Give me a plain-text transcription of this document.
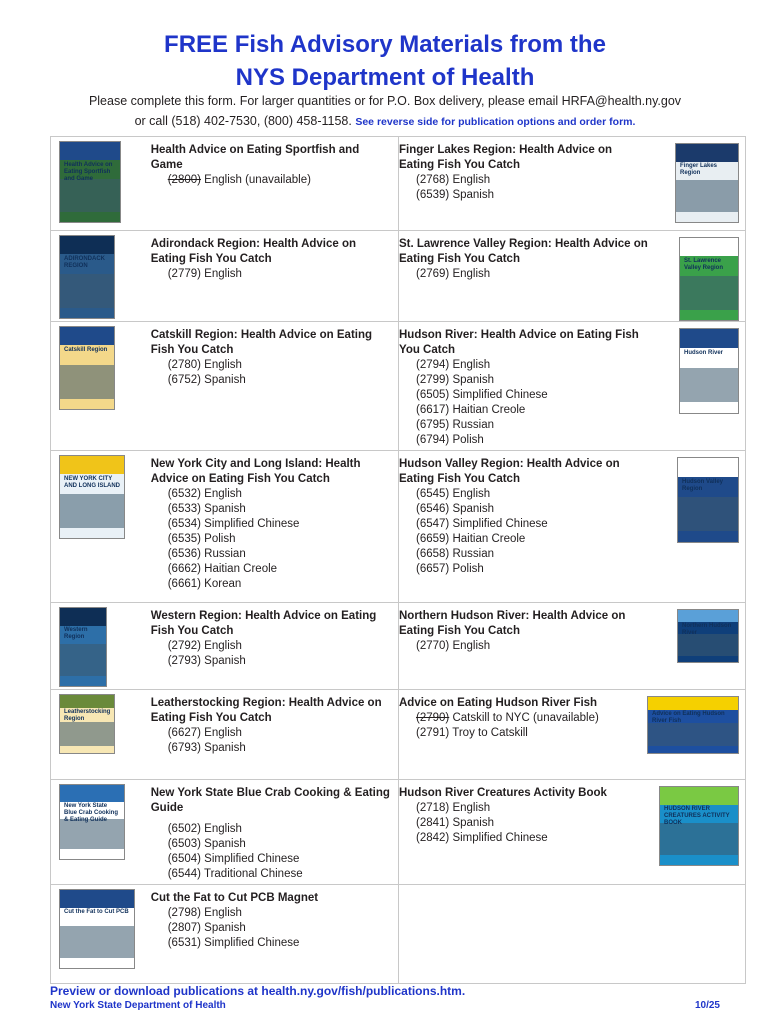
FREE Fish Advisory Materials from the
NYS Department of Health
Please complete this form. For larger quantities or for P.O. Box delivery, please email HRFA@health.ny.gov
or call (518) 402-7530, (800) 458-1158. See reverse side for publication options and order form.
Health Advice on Eating Sportfish and Game
Health Advice on Eating Sportfish and Game
(2800) English (unavailable)
Finger Lakes Region: Health Advice on Eating Fish You Catch
(2768) English
(6539) Spanish
Finger Lakes Region
ADIRONDACK REGION
Adirondack Region: Health Advice on Eating Fish You Catch
(2779) English
St. Lawrence Valley Region: Health Advice on Eating Fish You Catch
(2769) English
St. Lawrence Valley Region
Catskill Region
Catskill Region: Health Advice on Eating Fish You Catch
(2780) English
(6752) Spanish
Hudson River: Health Advice on Eating Fish You Catch
(2794) English
(2799) Spanish
(6505) Simplified Chinese
(6617) Haitian Creole
(6795) Russian
(6794) Polish
Hudson River
NEW YORK CITY AND LONG ISLAND
New York City and Long Island: Health Advice on Eating Fish You Catch
(6532) English
(6533) Spanish
(6534) Simplified Chinese
(6535) Polish
(6536) Russian
(6662) Haitian Creole
(6661) Korean
Hudson Valley Region: Health Advice on Eating Fish You Catch
(6545) English
(6546) Spanish
(6547) Simplified Chinese
(6659) Haitian Creole
(6658) Russian
(6657) Polish
Hudson Valley Region
Western Region
Western Region: Health Advice on Eating Fish You Catch
(2792) English
(2793) Spanish
Northern Hudson River: Health Advice on Eating Fish You Catch
(2770) English
Northern Hudson River
Leatherstocking Region
Leatherstocking Region: Health Advice on Eating Fish You Catch
(6627) English
(6793) Spanish
Advice on Eating Hudson River Fish
(2790) Catskill to NYC (unavailable)
(2791) Troy to Catskill
Advice on Eating Hudson River Fish
New York State Blue Crab Cooking & Eating Guide
New York State Blue Crab Cooking & Eating Guide
(6502) English
(6503) Spanish
(6504) Simplified Chinese
(6544) Traditional Chinese
Hudson River Creatures Activity Book
(2718) English
(2841) Spanish
(2842) Simplified Chinese
HUDSON RIVER CREATURES ACTIVITY BOOK
Cut the Fat to Cut PCB
Cut the Fat to Cut PCB Magnet
(2798) English
(2807) Spanish
(6531) Simplified Chinese
Preview or download publications at health.ny.gov/fish/publications.htm.
New York State Department of Health	10/25
